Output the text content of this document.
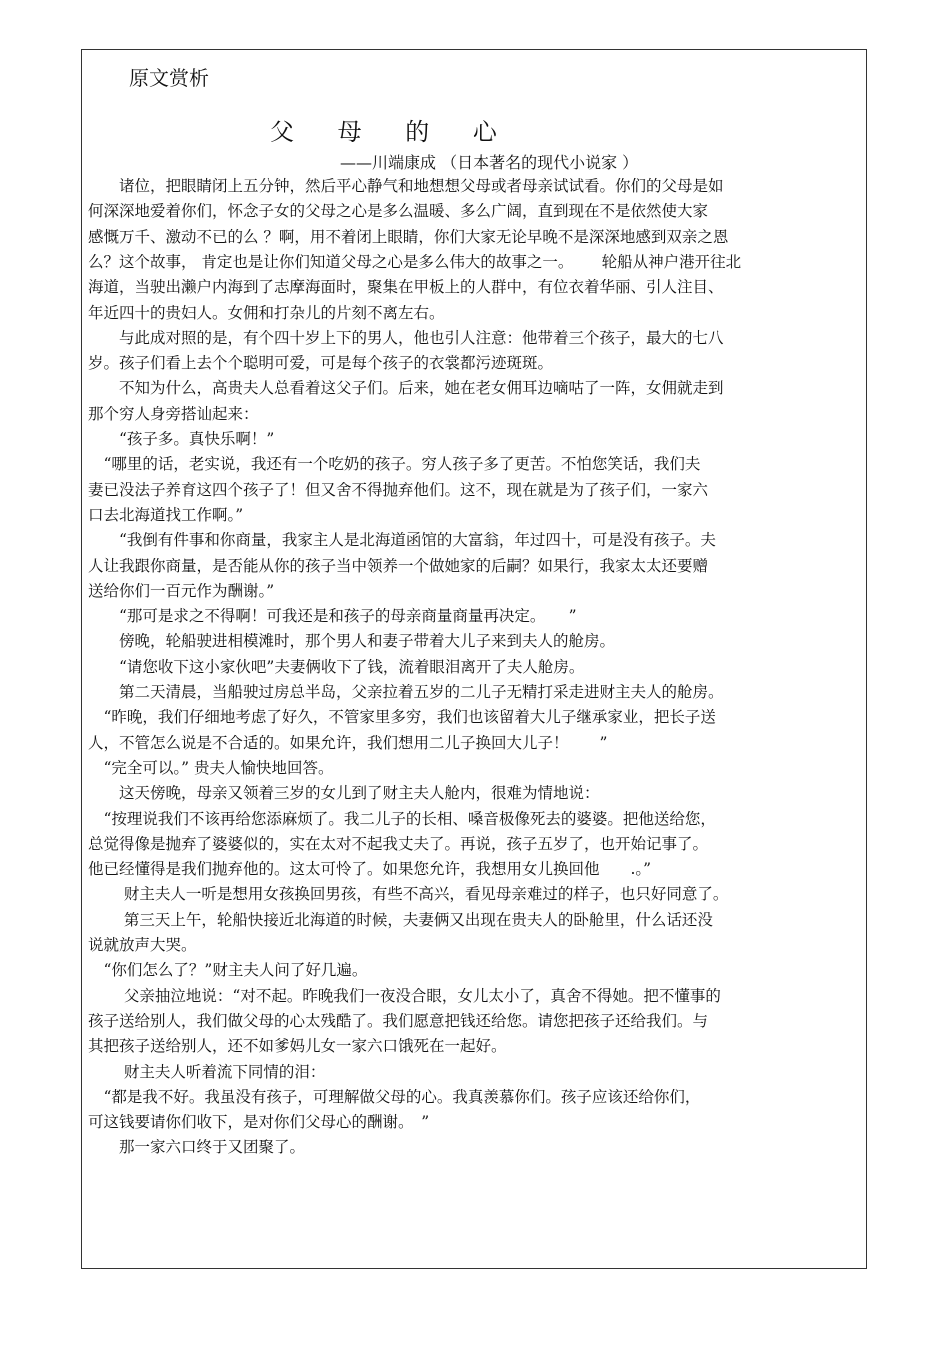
原文赏析
父 母 的 心
——川端康成 （日本著名的现代小说家 ）
　　诸位，把眼睛闭上五分钟，然后平心静气和地想想父母或者母亲试试看。你们的父母是如
何深深地爱着你们，怀念子女的父母之心是多么温暖、多么广阔，直到现在不是依然使大家
感慨万千、激动不已的么 ？啊，用不着闭上眼睛，你们大家无论早晚不是深深地感到双亲之恩
么？这个故事， 肯定也是让你们知道父母之心是多么伟大的故事之一。　　 轮船从神户港开往北
海道，当驶出濑户内海到了志摩海面时，聚集在甲板上的人群中，有位衣着华丽、引人注目、
年近四十的贵妇人。女佣和打杂儿的片刻不离左右。
　　与此成对照的是，有个四十岁上下的男人，他也引人注意：他带着三个孩子，最大的七八
岁。孩子们看上去个个聪明可爱，可是每个孩子的衣裳都污迹斑斑。
　　不知为什么，高贵夫人总看着这父子们。后来，她在老女佣耳边嘀咕了一阵，女佣就走到
那个穷人身旁搭讪起来：
　　“孩子多。真快乐啊！”
　“哪里的话，老实说，我还有一个吃奶的孩子。穷人孩子多了更苦。不怕您笑话，我们夫
妻已没法子养育这四个孩子了！但又舍不得抛弃他们。这不，现在就是为了孩子们，一家六
口去北海道找工作啊。”
　　“我倒有件事和你商量，我家主人是北海道函馆的大富翁，年过四十，可是没有孩子。夫
人让我跟你商量，是否能从你的孩子当中领养一个做她家的后嗣？如果行，我家太太还要赠
送给你们一百元作为酬谢。”
　　“那可是求之不得啊！可我还是和孩子的母亲商量商量再决定。　　”
　　傍晚，轮船驶进相模滩时，那个男人和妻子带着大儿子来到夫人的舱房。
　　“请您收下这小家伙吧”夫妻俩收下了钱，流着眼泪离开了夫人舱房。
　　第二天清晨，当船驶过房总半岛，父亲拉着五岁的二儿子无精打采走进财主夫人的舱房。
　“昨晚，我们仔细地考虑了好久，不管家里多穷，我们也该留着大儿子继承家业，把长子送
人，不管怎么说是不合适的。如果允许，我们想用二儿子换回大儿子！　　”
　“完全可以。” 贵夫人愉快地回答。
　　这天傍晚，母亲又领着三岁的女儿到了财主夫人舱内，很难为情地说：
　“按理说我们不该再给您添麻烦了。我二儿子的长相、嗓音极像死去的婆婆。把他送给您，
总觉得像是抛弃了婆婆似的，实在太对不起我丈夫了。再说，孩子五岁了，也开始记事了。
他已经懂得是我们抛弃他的。这太可怜了。如果您允许，我想用女儿换回他　　.。”
　　 财主夫人一听是想用女孩换回男孩，有些不高兴，看见母亲难过的样子，也只好同意了。
　　 第三天上午，轮船快接近北海道的时候，夫妻俩又出现在贵夫人的卧舱里，什么话还没
说就放声大哭。
　“你们怎么了？”财主夫人问了好几遍。
　　 父亲抽泣地说：“对不起。昨晚我们一夜没合眼，女儿太小了，真舍不得她。把不懂事的
孩子送给别人，我们做父母的心太残酷了。我们愿意把钱还给您。请您把孩子还给我们。与
其把孩子送给别人，还不如爹妈儿女一家六口饿死在一起好。
　　 财主夫人听着流下同情的泪：
　“都是我不好。我虽没有孩子，可理解做父母的心。我真羡慕你们。孩子应该还给你们，
可这钱要请你们收下，是对你们父母心的酬谢。　”
　　那一家六口终于又团聚了。
